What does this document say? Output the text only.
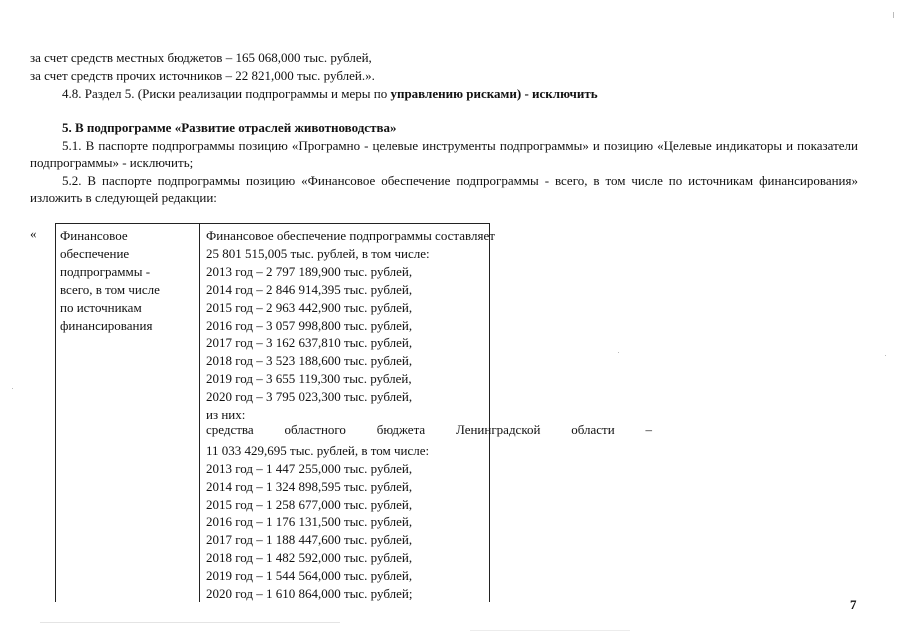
за счет средств местных бюджетов – 165 068,000 тыс. рублей,
за счет средств прочих источников – 22 821,000 тыс. рублей.».
4.8. Раздел 5. (Риски реализации подпрограммы и меры по управлению рисками) - исключить
5. В подпрограмме «Развитие отраслей животноводства»
5.1. В паспорте подпрограммы позицию «Програмно - целевые инструменты подпрограммы» и позицию «Целевые индикаторы и показатели подпрограммы» - исключить;
5.2. В паспорте подпрограммы позицию «Финансовое обеспечение подпрограммы - всего, в том числе по источникам финансирования» изложить в следующей редакции:
« Финансовое
обеспечение
подпрограммы -
всего, в том числе
по источникам
финансирования
Финансовое обеспечение подпрограммы составляет
25 801 515,005 тыс. рублей, в том числе:
2013 год – 2 797 189,900 тыс. рублей,
2014 год – 2 846 914,395 тыс. рублей,
2015 год – 2 963 442,900 тыс. рублей,
2016 год – 3 057 998,800 тыс. рублей,
2017 год – 3 162 637,810 тыс. рублей,
2018 год – 3 523 188,600 тыс. рублей,
2019 год – 3 655 119,300 тыс. рублей,
2020 год – 3 795 023,300 тыс. рублей,
из них:
11 033 429,695 тыс. рублей, в том числе:
2013 год – 1 447 255,000 тыс. рублей,
2014 год – 1 324 898,595 тыс. рублей,
2015 год – 1 258 677,000 тыс. рублей,
2016 год – 1 176 131,500 тыс. рублей,
2017 год – 1 188 447,600 тыс. рублей,
2018 год – 1 482 592,000 тыс. рублей,
2019 год – 1 544 564,000 тыс. рублей,
2020 год – 1 610 864,000 тыс. рублей;
средства областного бюджета Ленинградской области –
7
